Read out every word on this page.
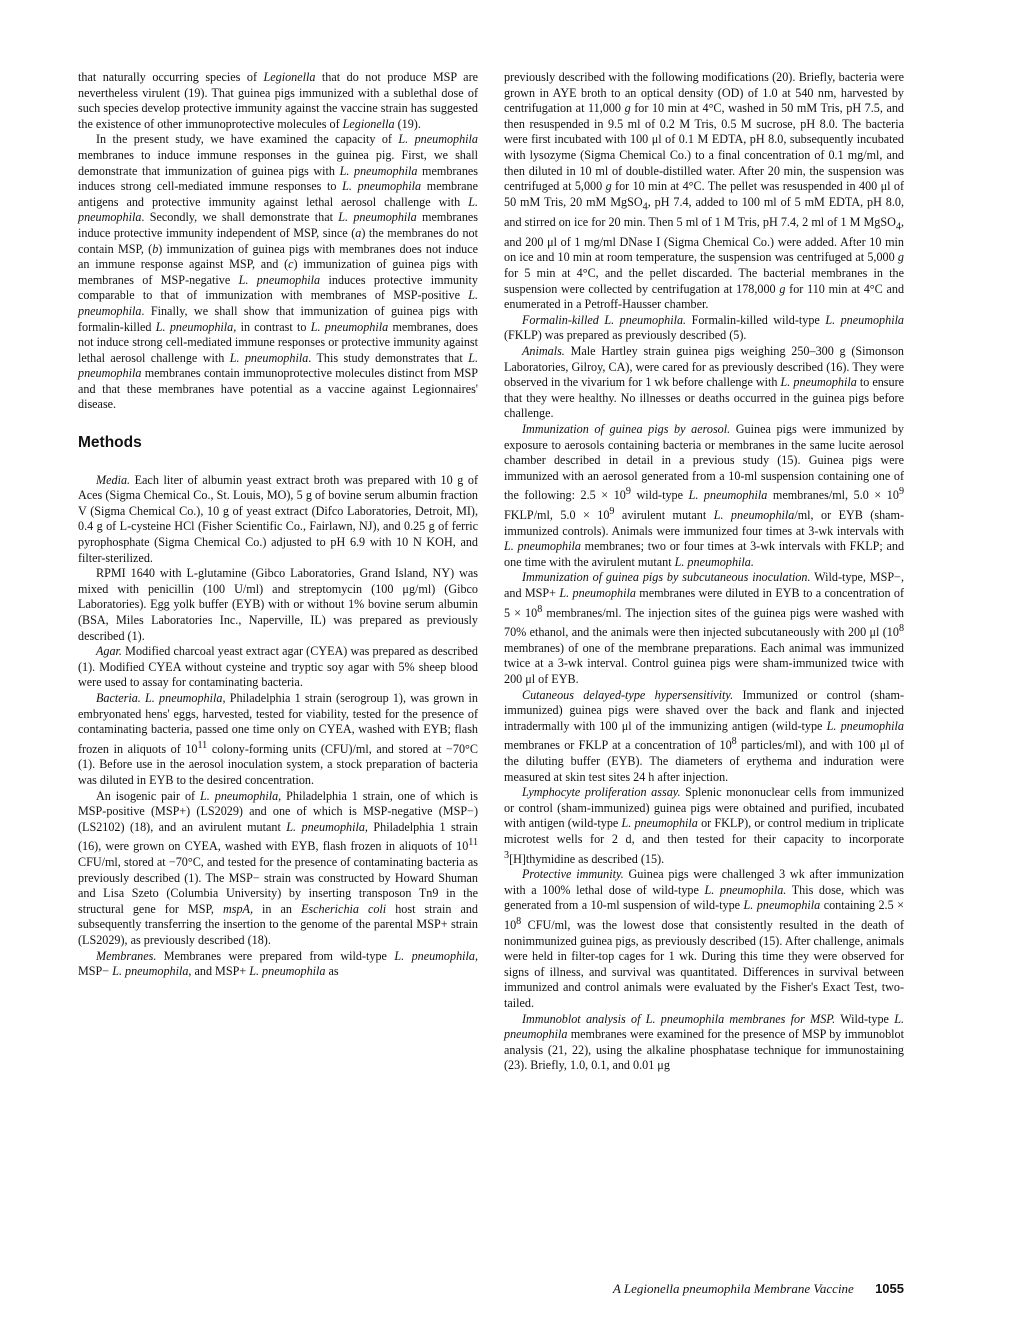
that naturally occurring species of Legionella that do not produce MSP are nevertheless virulent (19). That guinea pigs immunized with a sublethal dose of such species develop protective immunity against the vaccine strain has suggested the existence of other immunoprotective molecules of Legionella (19).

In the present study, we have examined the capacity of L. pneumophila membranes to induce immune responses in the guinea pig. First, we shall demonstrate that immunization of guinea pigs with L. pneumophila membranes induces strong cell-mediated immune responses to L. pneumophila membrane antigens and protective immunity against lethal aerosol challenge with L. pneumophila. Secondly, we shall demonstrate that L. pneumophila membranes induce protective immunity independent of MSP, since (a) the membranes do not contain MSP, (b) immunization of guinea pigs with membranes does not induce an immune response against MSP, and (c) immunization of guinea pigs with membranes of MSP-negative L. pneumophila induces protective immunity comparable to that of immunization with membranes of MSP-positive L. pneumophila. Finally, we shall show that immunization of guinea pigs with formalin-killed L. pneumophila, in contrast to L. pneumophila membranes, does not induce strong cell-mediated immune responses or protective immunity against lethal aerosol challenge with L. pneumophila. This study demonstrates that L. pneumophila membranes contain immunoprotective molecules distinct from MSP and that these membranes have potential as a vaccine against Legionnaires' disease.

Methods

Media. Each liter of albumin yeast extract broth was prepared with 10 g of Aces (Sigma Chemical Co., St. Louis, MO), 5 g of bovine serum albumin fraction V (Sigma Chemical Co.), 10 g of yeast extract (Difco Laboratories, Detroit, MI), 0.4 g of L-cysteine HCl (Fisher Scientific Co., Fairlawn, NJ), and 0.25 g of ferric pyrophosphate (Sigma Chemical Co.) adjusted to pH 6.9 with 10 N KOH, and filter-sterilized.

RPMI 1640 with L-glutamine (Gibco Laboratories, Grand Island, NY) was mixed with penicillin (100 U/ml) and streptomycin (100 μg/ml) (Gibco Laboratories). Egg yolk buffer (EYB) with or without 1% bovine serum albumin (BSA, Miles Laboratories Inc., Naperville, IL) was prepared as previously described (1).

Agar. Modified charcoal yeast extract agar (CYEA) was prepared as described (1). Modified CYEA without cysteine and tryptic soy agar with 5% sheep blood were used to assay for contaminating bacteria.

Bacteria. L. pneumophila, Philadelphia 1 strain (serogroup 1), was grown in embryonated hens' eggs, harvested, tested for viability, tested for the presence of contaminating bacteria, passed one time only on CYEA, washed with EYB; flash frozen in aliquots of $10^{11}$ colony-forming units (CFU)/ml, and stored at −70°C (1). Before use in the aerosol inoculation system, a stock preparation of bacteria was diluted in EYB to the desired concentration.

An isogenic pair of L. pneumophila, Philadelphia 1 strain, one of which is MSP-positive (MSP+) (LS2029) and one of which is MSP-negative (MSP−) (LS2102) (18), and an avirulent mutant L. pneumophila, Philadelphia 1 strain (16), were grown on CYEA, washed with EYB, flash frozen in aliquots of $10^{11}$ CFU/ml, stored at −70°C, and tested for the presence of contaminating bacteria as previously described (1). The MSP− strain was constructed by Howard Shuman and Lisa Szeto (Columbia University) by inserting transposon Tn9 in the structural gene for MSP, mspA, in an Escherichia coli host strain and subsequently transferring the insertion to the genome of the parental MSP+ strain (LS2029), as previously described (18).

Membranes. Membranes were prepared from wild-type L. pneumophila, MSP− L. pneumophila, and MSP+ L. pneumophila as

previously described with the following modifications (20). Briefly, bacteria were grown in AYE broth to an optical density (OD) of 1.0 at 540 nm, harvested by centrifugation at 11,000 g for 10 min at 4°C, washed in 50 mM Tris, pH 7.5, and then resuspended in 9.5 ml of 0.2 M Tris, 0.5 M sucrose, pH 8.0. The bacteria were first incubated with 100 μl of 0.1 M EDTA, pH 8.0, subsequently incubated with lysozyme (Sigma Chemical Co.) to a final concentration of 0.1 mg/ml, and then diluted in 10 ml of double-distilled water. After 20 min, the suspension was centrifuged at 5,000 g for 10 min at 4°C. The pellet was resuspended in 400 μl of 50 mM Tris, 20 mM MgSO$_4$, pH 7.4, added to 100 ml of 5 mM EDTA, pH 8.0, and stirred on ice for 20 min. Then 5 ml of 1 M Tris, pH 7.4, 2 ml of 1 M MgSO$_4$, and 200 μl of 1 mg/ml DNase I (Sigma Chemical Co.) were added. After 10 min on ice and 10 min at room temperature, the suspension was centrifuged at 5,000 g for 5 min at 4°C, and the pellet discarded. The bacterial membranes in the suspension were collected by centrifugation at 178,000 g for 110 min at 4°C and enumerated in a Petroff-Hausser chamber.

Formalin-killed L. pneumophila. Formalin-killed wild-type L. pneumophila (FKLP) was prepared as previously described (5).

Animals. Male Hartley strain guinea pigs weighing 250–300 g (Simonson Laboratories, Gilroy, CA), were cared for as previously described (16). They were observed in the vivarium for 1 wk before challenge with L. pneumophila to ensure that they were healthy. No illnesses or deaths occurred in the guinea pigs before challenge.

Immunization of guinea pigs by aerosol. Guinea pigs were immunized by exposure to aerosols containing bacteria or membranes in the same lucite aerosol chamber described in detail in a previous study (15). Guinea pigs were immunized with an aerosol generated from a 10-ml suspension containing one of the following: $2.5 \times 10^9$ wild-type L. pneumophila membranes/ml, $5.0 \times 10^9$ FKLP/ml, $5.0 \times 10^9$ avirulent mutant L. pneumophila/ml, or EYB (sham-immunized controls). Animals were immunized four times at 3-wk intervals with L. pneumophila membranes; two or four times at 3-wk intervals with FKLP; and one time with the avirulent mutant L. pneumophila.

Immunization of guinea pigs by subcutaneous inoculation. Wild-type, MSP−, and MSP+ L. pneumophila membranes were diluted in EYB to a concentration of $5 \times 10^8$ membranes/ml. The injection sites of the guinea pigs were washed with 70% ethanol, and the animals were then injected subcutaneously with 200 μl ($10^8$ membranes) of one of the membrane preparations. Each animal was immunized twice at a 3-wk interval. Control guinea pigs were sham-immunized twice with 200 μl of EYB.

Cutaneous delayed-type hypersensitivity. Immunized or control (sham-immunized) guinea pigs were shaved over the back and flank and injected intradermally with 100 μl of the immunizing antigen (wild-type L. pneumophila membranes or FKLP at a concentration of $10^8$ particles/ml), and with 100 μl of the diluting buffer (EYB). The diameters of erythema and induration were measured at skin test sites 24 h after injection.

Lymphocyte proliferation assay. Splenic mononuclear cells from immunized or control (sham-immunized) guinea pigs were obtained and purified, incubated with antigen (wild-type L. pneumophila or FKLP), or control medium in triplicate microtest wells for 2 d, and then tested for their capacity to incorporate $^3$[H]thymidine as described (15).

Protective immunity. Guinea pigs were challenged 3 wk after immunization with a 100% lethal dose of wild-type L. pneumophila. This dose, which was generated from a 10-ml suspension of wild-type L. pneumophila containing $2.5 \times 10^8$ CFU/ml, was the lowest dose that consistently resulted in the death of nonimmunized guinea pigs, as previously described (15). After challenge, animals were held in filter-top cages for 1 wk. During this time they were observed for signs of illness, and survival was quantitated. Differences in survival between immunized and control animals were evaluated by the Fisher's Exact Test, two-tailed.

Immunoblot analysis of L. pneumophila membranes for MSP. Wild-type L. pneumophila membranes were examined for the presence of MSP by immunoblot analysis (21, 22), using the alkaline phosphatase technique for immunostaining (23). Briefly, 1.0, 0.1, and 0.01 μg

A Legionella pneumophila Membrane Vaccine 1055
